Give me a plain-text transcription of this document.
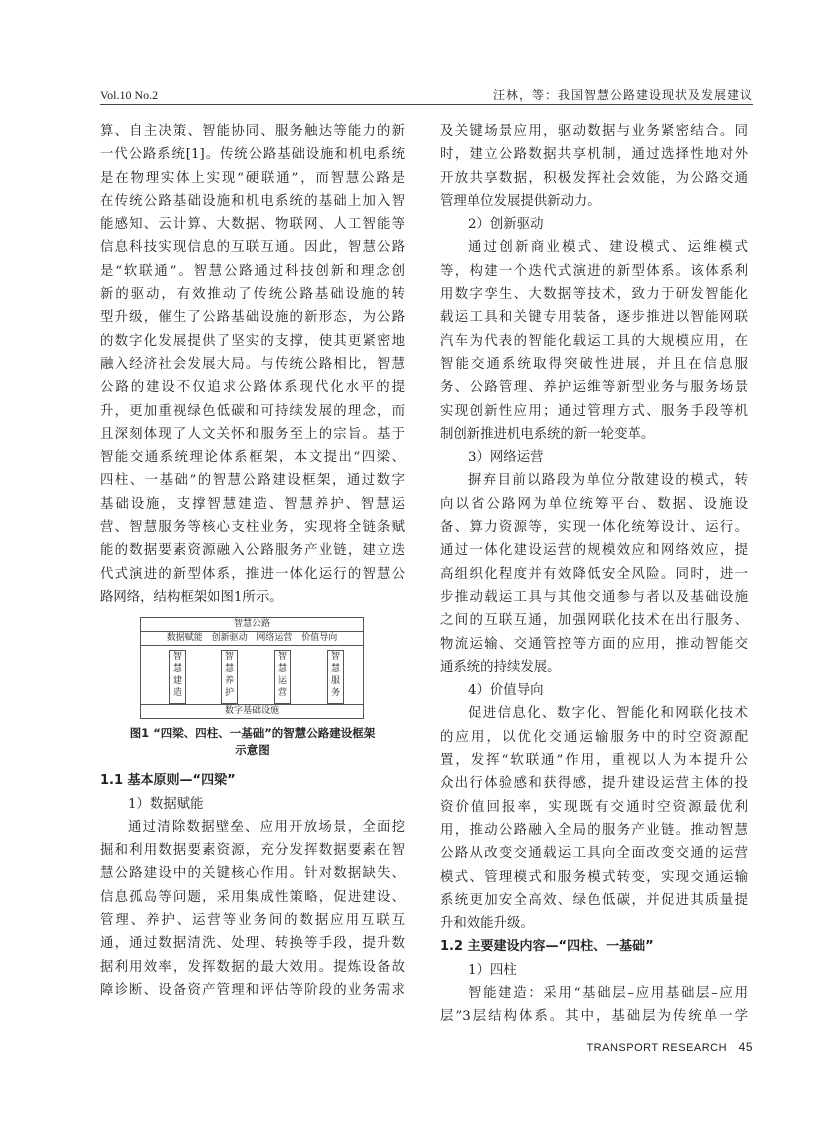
Vol.10 No.2	汪林，等：我国智慧公路建设现状及发展建议
算、自主决策、智能协同、服务触达等能力的新
一代公路系统[1]。传统公路基础设施和机电系统
是在物理实体上实现“硬联通”，而智慧公路是
在传统公路基础设施和机电系统的基础上加入智
能感知、云计算、大数据、物联网、人工智能等
信息科技实现信息的互联互通。因此，智慧公路
是“软联通”。智慧公路通过科技创新和理念创
新的驱动，有效推动了传统公路基础设施的转
型升级，催生了公路基础设施的新形态，为公路
的数字化发展提供了坚实的支撑，使其更紧密地
融入经济社会发展大局。与传统公路相比，智慧
公路的建设不仅追求公路体系现代化水平的提
升，更加重视绿色低碳和可持续发展的理念，而
且深刻体现了人文关怀和服务至上的宗旨。基于
智能交通系统理论体系框架，本文提出“四梁、
四柱、一基础”的智慧公路建设框架，通过数字
基础设施，支撑智慧建造、智慧养护、智慧运
营、智慧服务等核心支柱业务，实现将全链条赋
能的数据要素资源融入公路服务产业链，建立迭
代式演进的新型体系，推进一体化运行的智慧公
路网络，结构框架如图1所示。
智慧公路
数据赋能 创新驱动 网络运营 价值导向
智慧建造
智慧养护
智慧运营
智慧服务
数字基础设施
图1 “四梁、四柱、一基础”的智慧公路建设框架
示意图
1.1 基本原则—“四梁”
1）数据赋能
通过清除数据壁垒、应用开放场景，全面挖
掘和利用数据要素资源，充分发挥数据要素在智
慧公路建设中的关键核心作用。针对数据缺失、
信息孤岛等问题，采用集成性策略，促进建设、
管理、养护、运营等业务间的数据应用互联互
通，通过数据清洗、处理、转换等手段，提升数
据利用效率，发挥数据的最大效用。提炼设备故
障诊断、设备资产管理和评估等阶段的业务需求
及关键场景应用，驱动数据与业务紧密结合。同
时，建立公路数据共享机制，通过选择性地对外
开放共享数据，积极发挥社会效能，为公路交通
管理单位发展提供新动力。
2）创新驱动
通过创新商业模式、建设模式、运维模式
等，构建一个迭代式演进的新型体系。该体系利
用数字孪生、大数据等技术，致力于研发智能化
载运工具和关键专用装备，逐步推进以智能网联
汽车为代表的智能化载运工具的大规模应用，在
智能交通系统取得突破性进展，并且在信息服
务、公路管理、养护运维等新型业务与服务场景
实现创新性应用；通过管理方式、服务手段等机
制创新推进机电系统的新一轮变革。
3）网络运营
摒弃目前以路段为单位分散建设的模式，转
向以省公路网为单位统筹平台、数据、设施设
备、算力资源等，实现一体化统筹设计、运行。
通过一体化建设运营的规模效应和网络效应，提
高组织化程度并有效降低安全风险。同时，进一
步推动载运工具与其他交通参与者以及基础设施
之间的互联互通，加强网联化技术在出行服务、
物流运输、交通管控等方面的应用，推动智能交
通系统的持续发展。
4）价值导向
促进信息化、数字化、智能化和网联化技术
的应用，以优化交通运输服务中的时空资源配
置，发挥“软联通”作用，重视以人为本提升公
众出行体验感和获得感，提升建设运营主体的投
资价值回报率，实现既有交通时空资源最优利
用，推动公路融入全局的服务产业链。推动智慧
公路从改变交通载运工具向全面改变交通的运营
模式、管理模式和服务模式转变，实现交通运输
系统更加安全高效、绿色低碳，并促进其质量提
升和效能升级。
1.2 主要建设内容—“四柱、一基础”
1）四柱
智能建造：采用“基础层–应用基础层–应用
层”3层结构体系。其中，基础层为传统单一学
TRANSPORT RESEARCH 45
